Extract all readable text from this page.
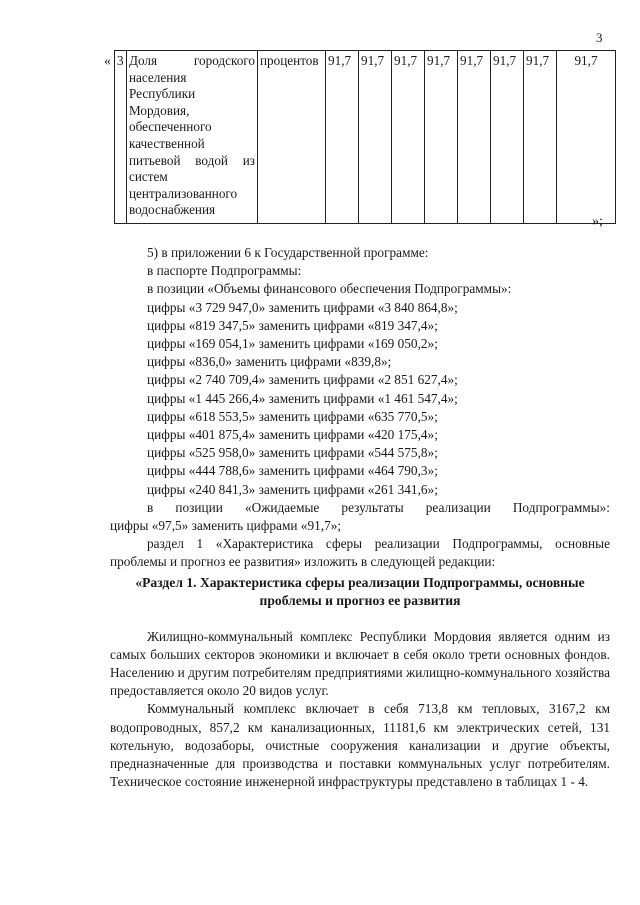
3
« 3	Доля городского населения Республики Мордовия, обеспеченного качественной питьевой водой из систем централизованного водоснабжения	процентов	91,7	91,7	91,7	91,7	91,7	91,7	91,7	91,7
»;
5) в приложении 6 к Государственной программе:
в паспорте Подпрограммы:
в позиции «Объемы финансового обеспечения Подпрограммы»:
цифры «3 729 947,0» заменить цифрами «3 840 864,8»;
цифры «819 347,5» заменить цифрами «819 347,4»;
цифры «169 054,1» заменить цифрами «169 050,2»;
цифры «836,0» заменить цифрами «839,8»;
цифры «2 740 709,4» заменить цифрами «2 851 627,4»;
цифры «1 445 266,4» заменить цифрами «1 461 547,4»;
цифры «618 553,5» заменить цифрами «635 770,5»;
цифры «401 875,4» заменить цифрами «420 175,4»;
цифры «525 958,0» заменить цифрами «544 575,8»;
цифры «444 788,6» заменить цифрами «464 790,3»;
цифры «240 841,3» заменить цифрами «261 341,6»;
в позиции «Ожидаемые результаты реализации Подпрограммы»:
цифры «97,5» заменить цифрами «91,7»;
раздел 1 «Характеристика сферы реализации Подпрограммы, основные
проблемы и прогноз ее развития» изложить в следующей редакции:
«Раздел 1. Характеристика сферы реализации Подпрограммы, основные
проблемы и прогноз ее развития
Жилищно-коммунальный комплекс Республики Мордовия является одним из самых больших секторов экономики и включает в себя около трети основных фондов. Населению и другим потребителям предприятиями жилищно-коммунального хозяйства предоставляется около 20 видов услуг.
Коммунальный комплекс включает в себя 713,8 км тепловых, 3167,2 км водопроводных, 857,2 км канализационных, 11181,6 км электрических сетей, 131 котельную, водозаборы, очистные сооружения канализации и другие объекты, предназначенные для производства и поставки коммунальных услуг потребителям. Техническое состояние инженерной инфраструктуры представлено в таблицах 1 - 4.
